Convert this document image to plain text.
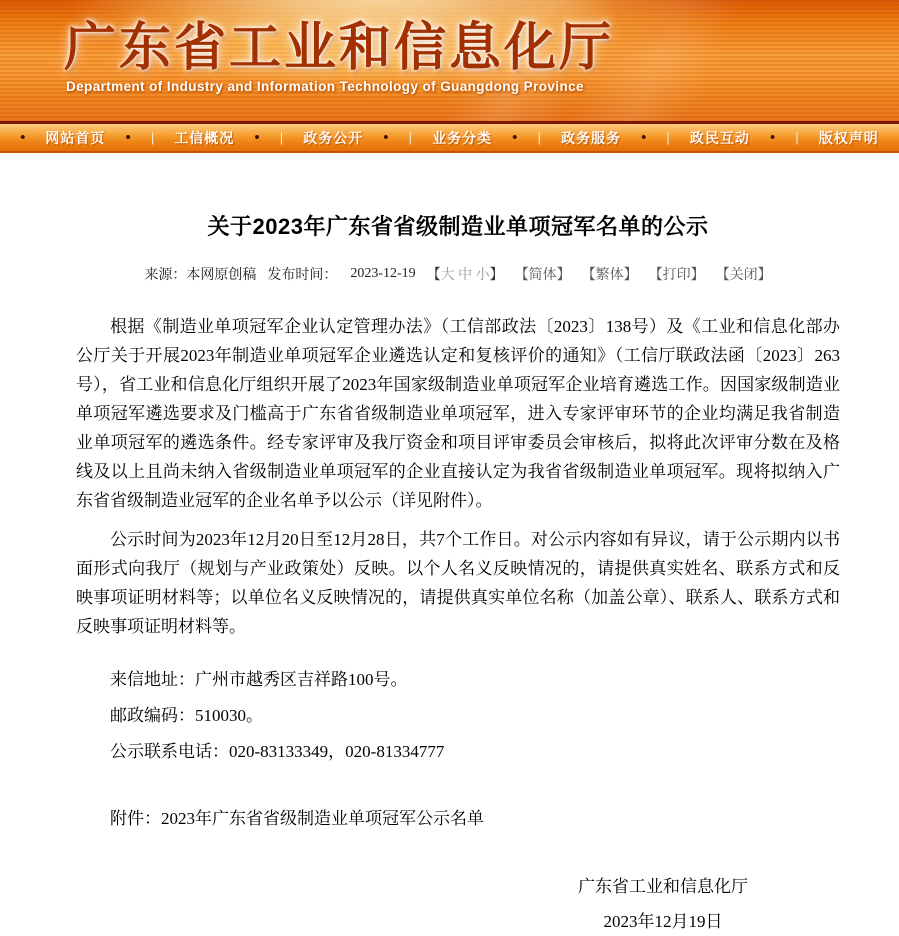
广东省工业和信息化厅
Department of Industry and Information Technology of Guangdong Province
• 网站首页 • | 工信概况 • | 政务公开 • | 业务分类 • | 政务服务 • | 政民互动 • | 版权声明
关于2023年广东省省级制造业单项冠军名单的公示
来源：本网原创稿 发布时间： 2023-12-19 【大 中 小】 【简体】 【繁体】 【打印】 【关闭】

根据《制造业单项冠军企业认定管理办法》（工信部政法〔2023〕138号）及《工业和信息化部办公厅关于开展2023年制造业单项冠军企业遴选认定和复核评价的通知》（工信厅联政法函〔2023〕263号），省工业和信息化厅组织开展了2023年国家级制造业单项冠军企业培育遴选工作。因国家级制造业单项冠军遴选要求及门槛高于广东省省级制造业单项冠军，进入专家评审环节的企业均满足我省制造业单项冠军的遴选条件。经专家评审及我厅资金和项目评审委员会审核后，拟将此次评审分数在及格线及以上且尚未纳入省级制造业单项冠军的企业直接认定为我省省级制造业单项冠军。现将拟纳入广东省省级制造业冠军的企业名单予以公示（详见附件）。

公示时间为2023年12月20日至12月28日，共7个工作日。对公示内容如有异议，请于公示期内以书面形式向我厅（规划与产业政策处）反映。以个人名义反映情况的，请提供真实姓名、联系方式和反映事项证明材料等；以单位名义反映情况的，请提供真实单位名称（加盖公章）、联系人、联系方式和反映事项证明材料等。

来信地址：广州市越秀区吉祥路100号。

邮政编码：510030。

公示联系电话：020-83133349，020-81334777

附件：2023年广东省省级制造业单项冠军公示名单

广东省工业和信息化厅
2023年12月19日
